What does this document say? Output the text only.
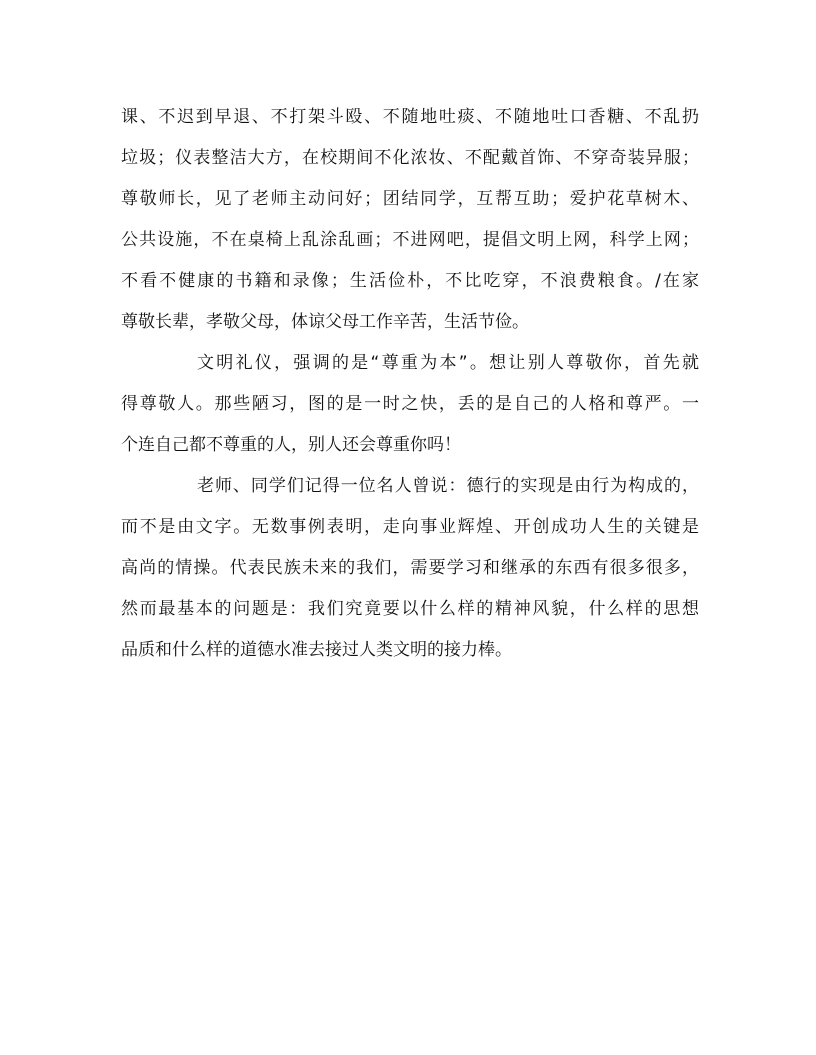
课、不迟到早退、不打架斗殴、不随地吐痰、不随地吐口香糖、不乱扔
垃圾；仪表整洁大方，在校期间不化浓妆、不配戴首饰、不穿奇装异服；
尊敬师长，见了老师主动问好；团结同学，互帮互助；爱护花草树木、
公共设施，不在桌椅上乱涂乱画；不进网吧，提倡文明上网，科学上网；
不看不健康的书籍和录像；生活俭朴，不比吃穿，不浪费粮食。/在家
尊敬长辈，孝敬父母，体谅父母工作辛苦，生活节俭。
文明礼仪，强调的是“尊重为本”。想让别人尊敬你，首先就
得尊敬人。那些陋习，图的是一时之快，丢的是自己的人格和尊严。一
个连自己都不尊重的人，别人还会尊重你吗！
老师、同学们记得一位名人曾说：德行的实现是由行为构成的，
而不是由文字。无数事例表明，走向事业辉煌、开创成功人生的关键是
高尚的情操。代表民族未来的我们，需要学习和继承的东西有很多很多，
然而最基本的问题是：我们究竟要以什么样的精神风貌，什么样的思想
品质和什么样的道德水准去接过人类文明的接力棒。
